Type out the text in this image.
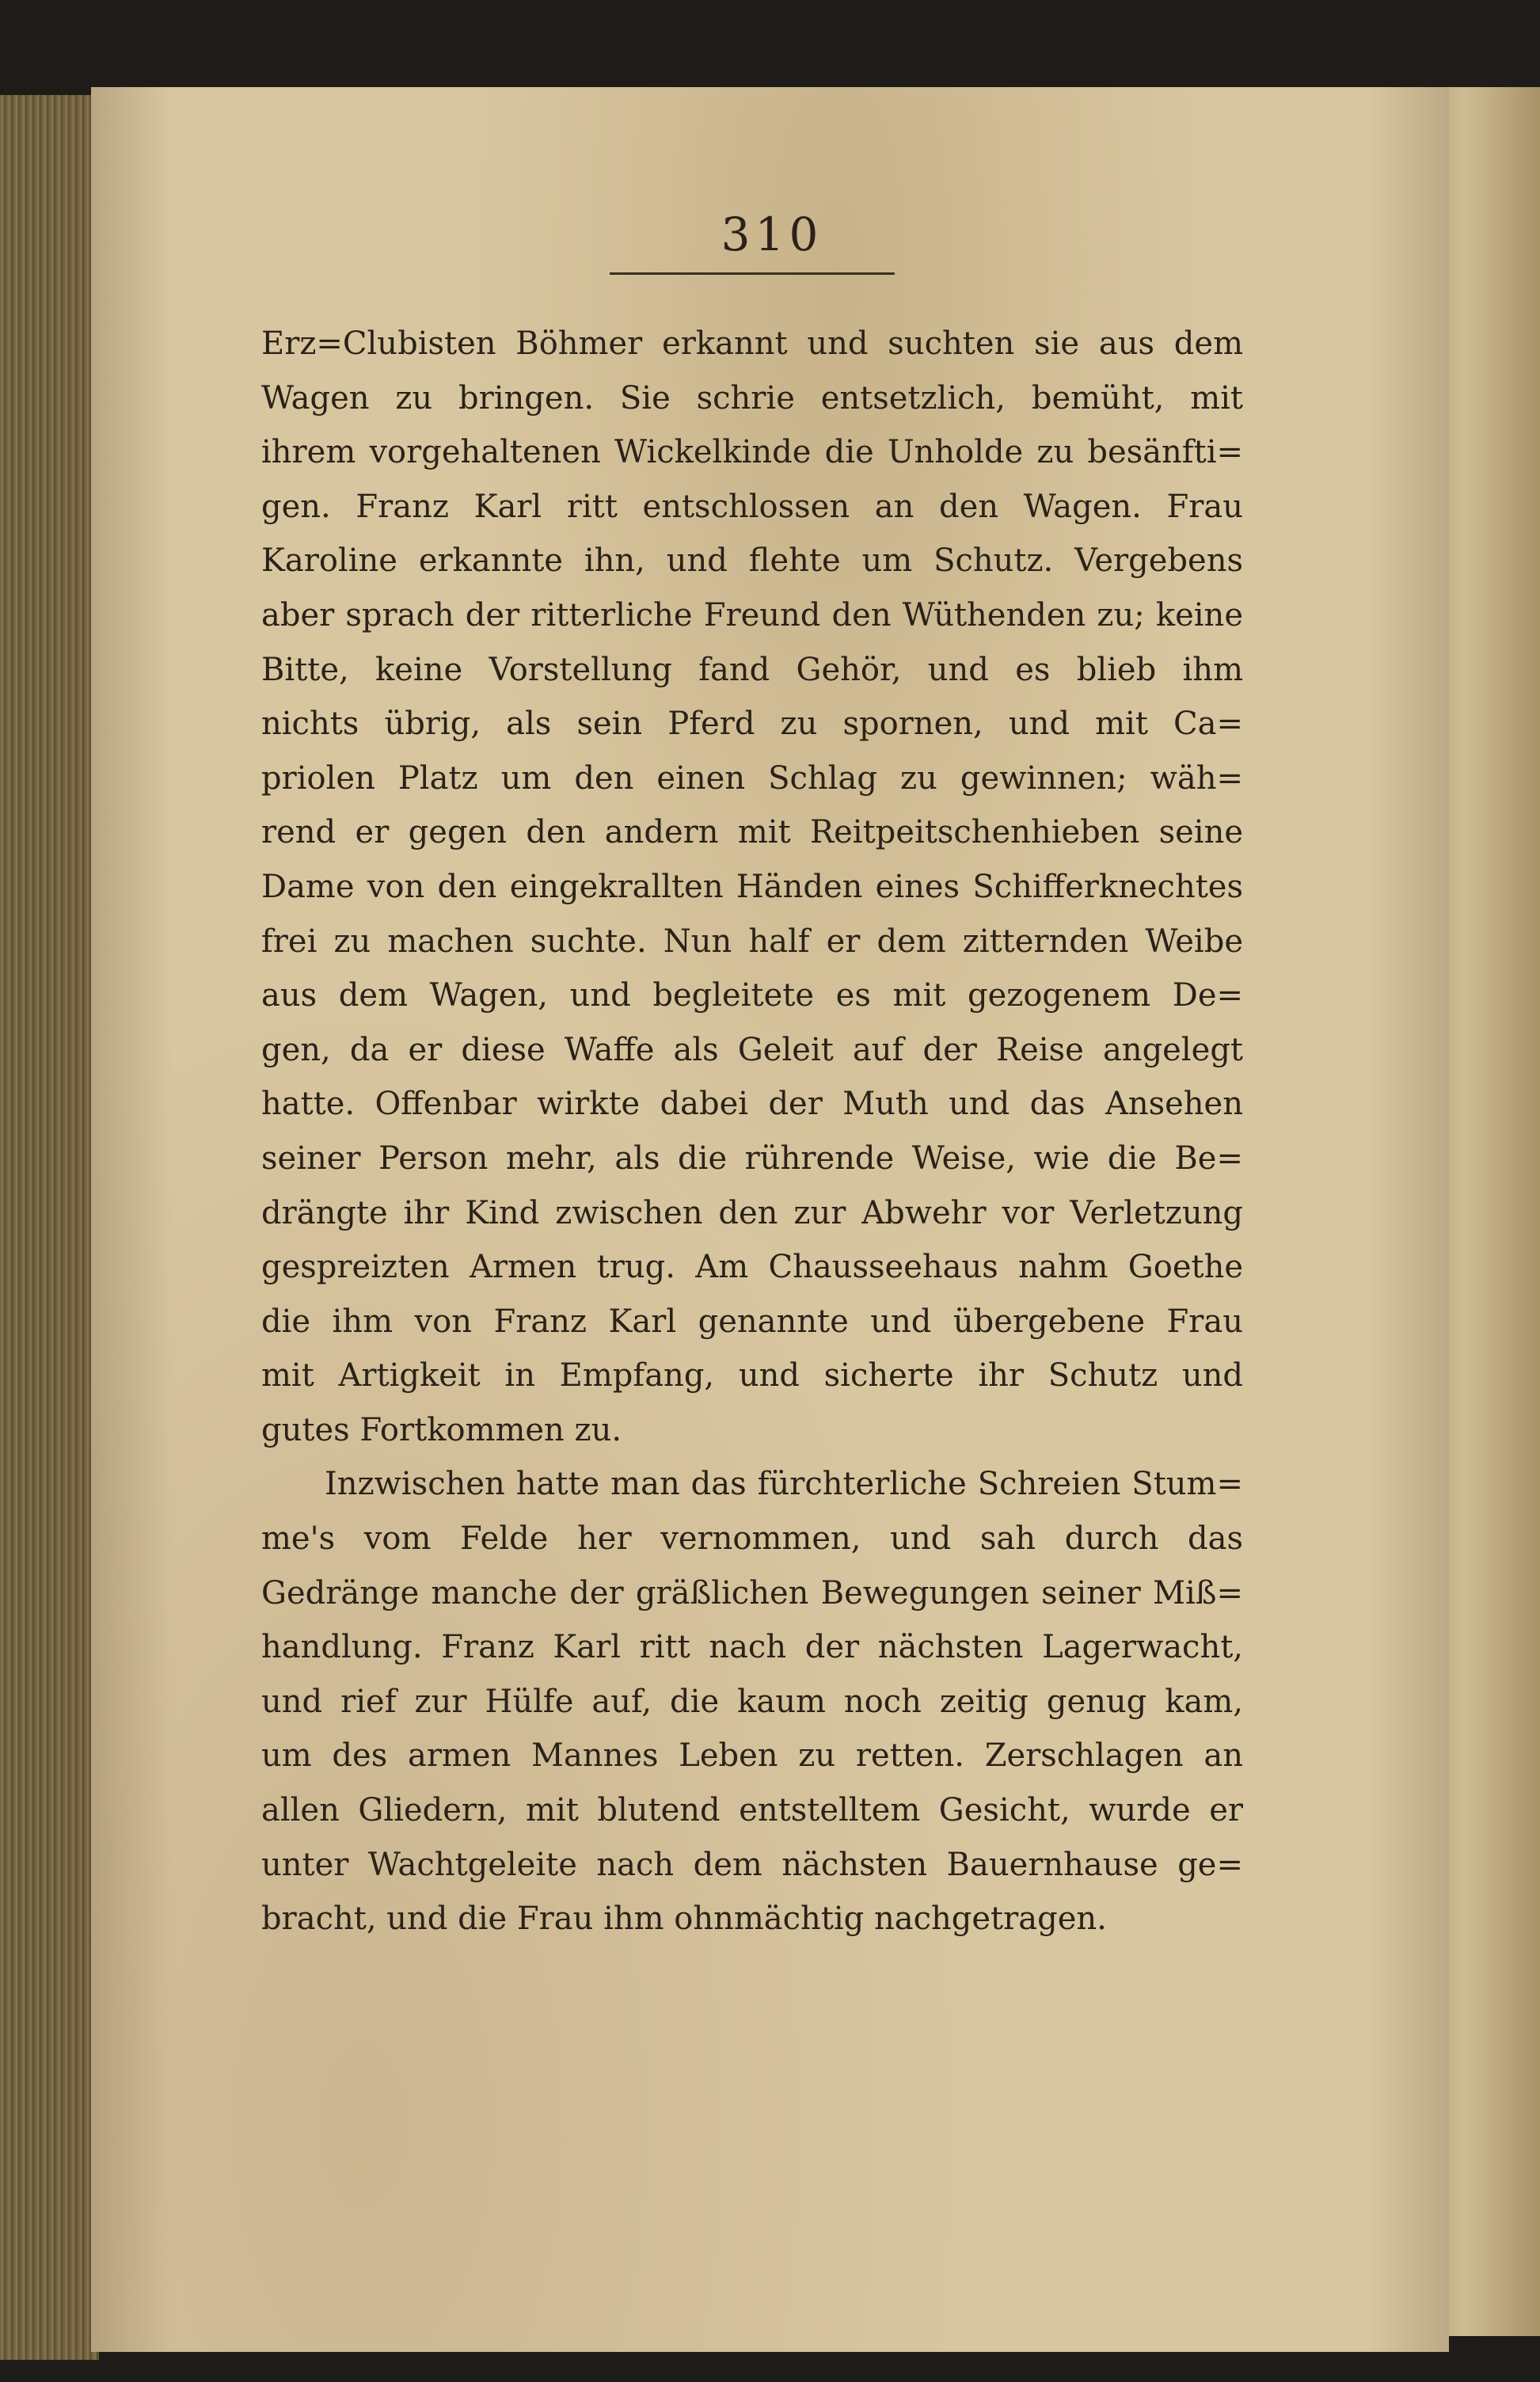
310
Erz=Clubisten Böhmer erkannt und suchten sie aus dem
Wagen zu bringen. Sie schrie entsetzlich, bemüht, mit
ihrem vorgehaltenen Wickelkinde die Unholde zu besänfti=
gen. Franz Karl ritt entschlossen an den Wagen. Frau
Karoline erkannte ihn, und flehte um Schutz. Vergebens
aber sprach der ritterliche Freund den Wüthenden zu; keine
Bitte, keine Vorstellung fand Gehör, und es blieb ihm
nichts übrig, als sein Pferd zu spornen, und mit Ca=
priolen Platz um den einen Schlag zu gewinnen; wäh=
rend er gegen den andern mit Reitpeitschenhieben seine
Dame von den eingekrallten Händen eines Schifferknechtes
frei zu machen suchte. Nun half er dem zitternden Weibe
aus dem Wagen, und begleitete es mit gezogenem De=
gen, da er diese Waffe als Geleit auf der Reise angelegt
hatte. Offenbar wirkte dabei der Muth und das Ansehen
seiner Person mehr, als die rührende Weise, wie die Be=
drängte ihr Kind zwischen den zur Abwehr vor Verletzung
gespreizten Armen trug. Am Chausseehaus nahm Goethe
die ihm von Franz Karl genannte und übergebene Frau
mit Artigkeit in Empfang, und sicherte ihr Schutz und
gutes Fortkommen zu.
Inzwischen hatte man das fürchterliche Schreien Stum=
me's vom Felde her vernommen, und sah durch das
Gedränge manche der gräßlichen Bewegungen seiner Miß=
handlung. Franz Karl ritt nach der nächsten Lagerwacht,
und rief zur Hülfe auf, die kaum noch zeitig genug kam,
um des armen Mannes Leben zu retten. Zerschlagen an
allen Gliedern, mit blutend entstelltem Gesicht, wurde er
unter Wachtgeleite nach dem nächsten Bauernhause ge=
bracht, und die Frau ihm ohnmächtig nachgetragen.
